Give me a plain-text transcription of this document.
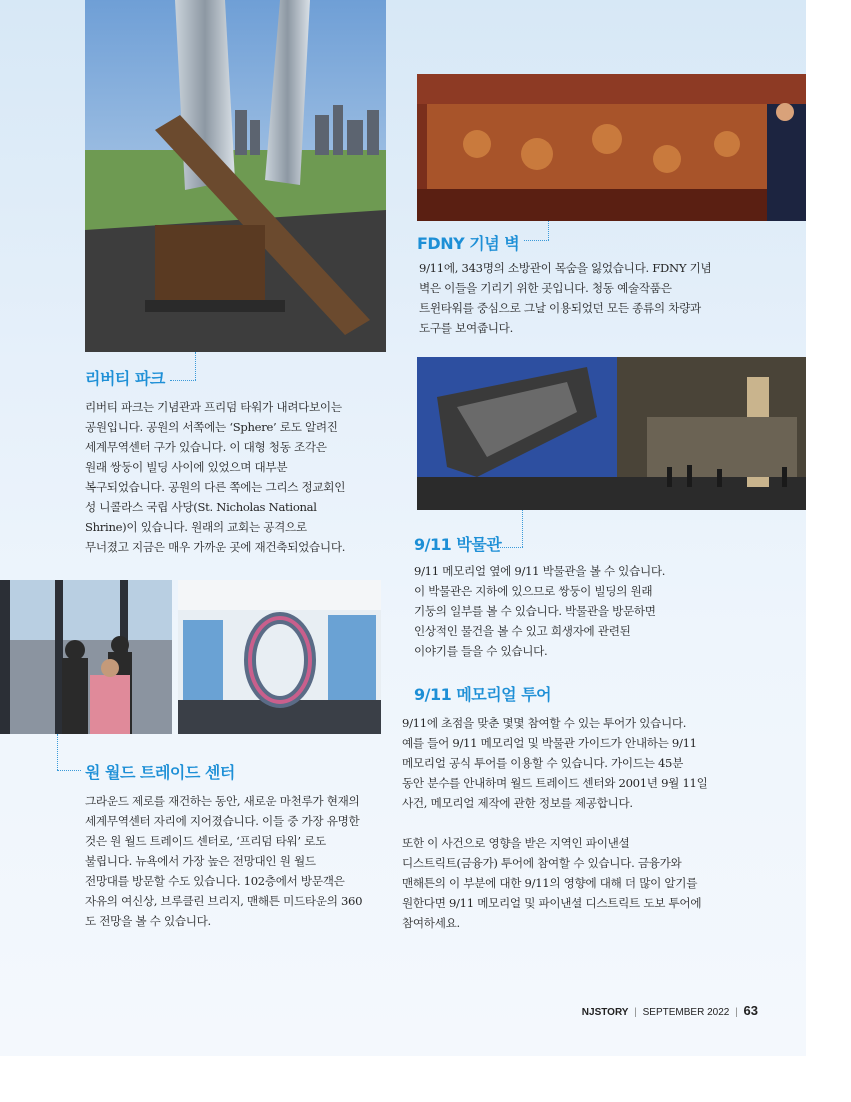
리버티 파크
리버티 파크는 기념관과 프리덤 타워가 내려다보이는
공원입니다. 공원의 서쪽에는 ‘Sphere’ 로도 알려진
세계무역센터 구가 있습니다. 이 대형 청동 조각은
원래 쌍둥이 빌딩 사이에 있었으며 대부분
복구되었습니다. 공원의 다른 쪽에는 그리스 정교회인
성 니콜라스 국립 사당(St. Nicholas National
Shrine)이 있습니다. 원래의 교회는 공격으로
무너졌고 지금은 매우 가까운 곳에 재건축되었습니다.
FDNY 기념 벽
9/11에, 343명의 소방관이 목숨을 잃었습니다. FDNY 기념
벽은 이들을 기리기 위한 곳입니다. 청동 예술작품은
트윈타워를 중심으로 그날 이용되었던 모든 종류의 차량과
도구를 보여줍니다.
9/11 박물관
9/11 메모리얼 옆에 9/11 박물관을 볼 수 있습니다.
이 박물관은 지하에 있으므로 쌍둥이 빌딩의 원래
기둥의 일부를 볼 수 있습니다. 박물관을 방문하면
인상적인 물건을 볼 수 있고 희생자에 관련된
이야기를 들을 수 있습니다.
9/11 메모리얼 투어
9/11에 초점을 맞춘 몇몇 참여할 수 있는 투어가 있습니다.
예를 들어 9/11 메모리얼 및 박물관 가이드가 안내하는 9/11
메모리얼 공식 투어를 이용할 수 있습니다. 가이드는 45분
동안 분수를 안내하며 월드 트레이드 센터와 2001년 9월 11일
사건, 메모리얼 제작에 관한 정보를 제공합니다.
또한 이 사건으로 영향을 받은 지역인 파이낸셜
디스트릭트(금융가) 투어에 참여할 수 있습니다. 금융가와
맨해튼의 이 부분에 대한 9/11의 영향에 대해 더 많이 알기를
원한다면 9/11 메모리얼 및 파이낸셜 디스트릭트 도보 투어에
참여하세요.
원 월드 트레이드 센터
그라운드 제로를 재건하는 동안, 새로운 마천루가 현재의
세계무역센터 자리에 지어졌습니다. 이들 중 가장 유명한
것은 원 월드 트레이드 센터로, ‘프리덤 타워’ 로도
불립니다. 뉴욕에서 가장 높은 전망대인 원 월드
전망대를 방문할 수도 있습니다. 102층에서 방문객은
자유의 여신상, 브루클린 브리지, 맨해튼 미드타운의 360
도 전망을 볼 수 있습니다.
NJSTORY | SEPTEMBER 2022 | 63
